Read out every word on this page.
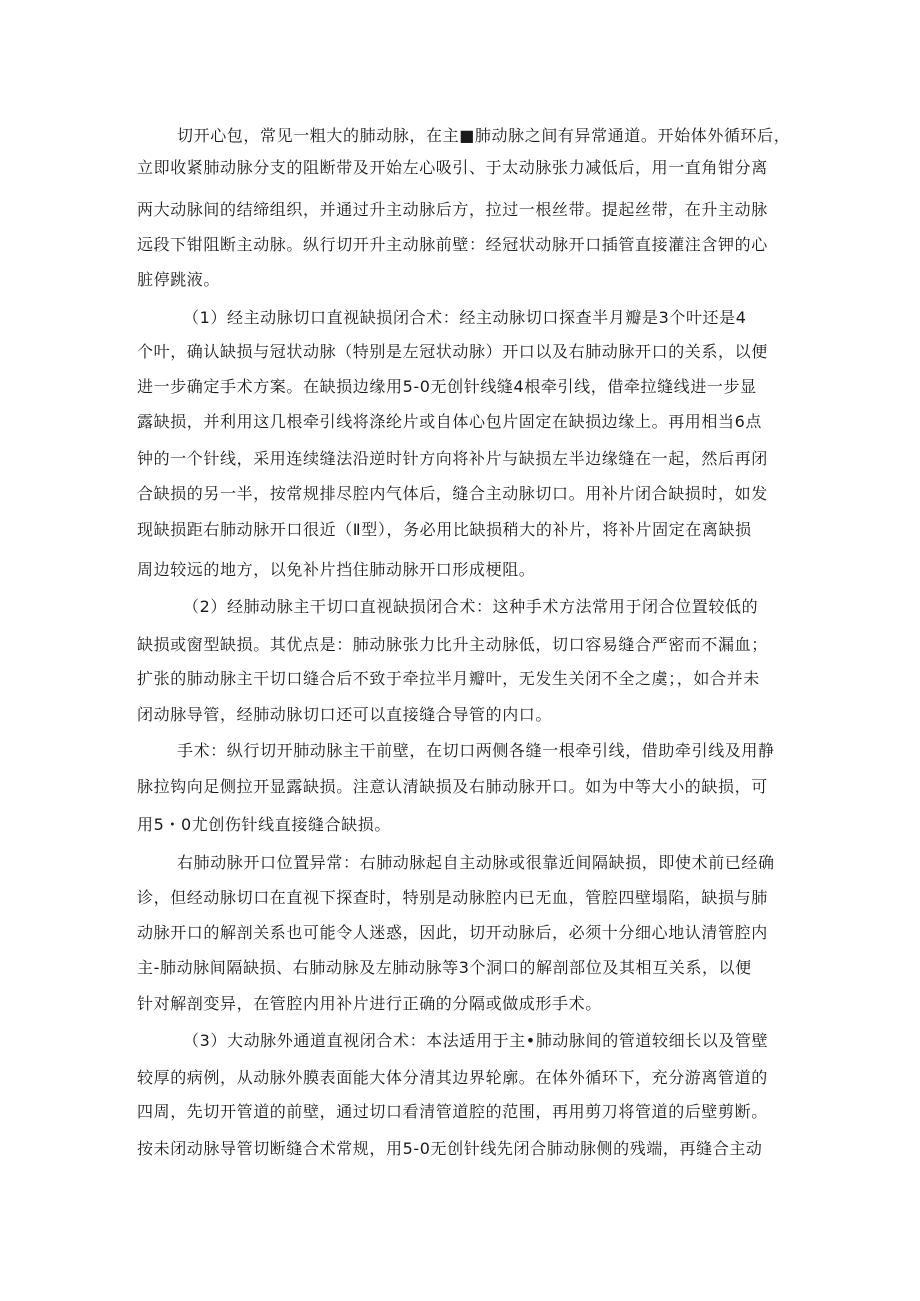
切开心包，常见一粗大的肺动脉，在主■肺动脉之间有异常通道。开始体外循环后，
立即收紧肺动脉分支的阻断带及开始左心吸引、于太动脉张力减低后，用一直角钳分离
两大动脉间的结缔组织，并通过升主动脉后方，拉过一根丝带。提起丝带，在升主动脉
远段下钳阻断主动脉。纵行切开升主动脉前壁：经冠状动脉开口插管直接灌注含钾的心
脏停跳液。
（1）经主动脉切口直视缺损闭合术：经主动脉切口探查半月瓣是3个叶还是4
个叶，确认缺损与冠状动脉（特别是左冠状动脉）开口以及右肺动脉开口的关系，以便
进一步确定手术方案。在缺损边缘用5-0无创针线缝4根牵引线，借牵拉缝线进一步显
露缺损，并利用这几根牵引线将涤纶片或自体心包片固定在缺损边缘上。再用相当6点
钟的一个针线，采用连续缝法沿逆时针方向将补片与缺损左半边缘缝在一起，然后再闭
合缺损的另一半，按常规排尽腔内气体后，缝合主动脉切口。用补片闭合缺损时，如发
现缺损距右肺动脉开口很近（Ⅱ型），务必用比缺损稍大的补片，将补片固定在离缺损
周边较远的地方，以免补片挡住肺动脉开口形成梗阻。
（2）经肺动脉主干切口直视缺损闭合术：这种手术方法常用于闭合位置较低的
缺损或窗型缺损。其优点是：肺动脉张力比升主动脉低，切口容易缝合严密而不漏血；
扩张的肺动脉主干切口缝合后不致于牵拉半月瓣叶，无发生关闭不全之虞；，如合并未
闭动脉导管，经肺动脉切口还可以直接缝合导管的内口。
手术：纵行切开肺动脉主干前壁，在切口两侧各缝一根牵引线，借助牵引线及用静
脉拉钩向足侧拉开显露缺损。注意认清缺损及右肺动脉开口。如为中等大小的缺损，可
用5・0尤创伤针线直接缝合缺损。
右肺动脉开口位置异常：右肺动脉起自主动脉或很靠近间隔缺损，即使术前已经确
诊，但经动脉切口在直视下探查时，特别是动脉腔内已无血，管腔四壁塌陷，缺损与肺
动脉开口的解剖关系也可能令人迷惑，因此，切开动脉后，必须十分细心地认清管腔内
主-肺动脉间隔缺损、右肺动脉及左肺动脉等3个洞口的解剖部位及其相互关系，以便
针对解剖变异，在管腔内用补片进行正确的分隔或做成形手术。
（3）大动脉外通道直视闭合术：本法适用于主•肺动脉间的管道较细长以及管壁
较厚的病例，从动脉外膜表面能大体分清其边界轮廓。在体外循环下，充分游离管道的
四周，先切开管道的前壁，通过切口看清管道腔的范围，再用剪刀将管道的后壁剪断。
按未闭动脉导管切断缝合术常规，用5-0无创针线先闭合肺动脉侧的残端，再缝合主动
